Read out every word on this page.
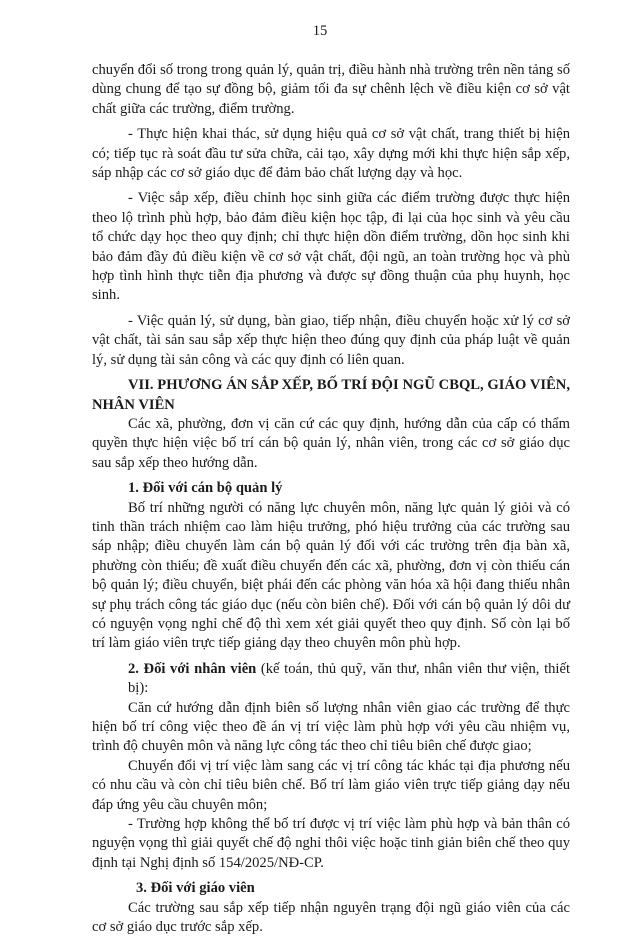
15

chuyển đổi số trong trong quản lý, quản trị, điều hành nhà trường trên nền tảng số dùng chung để tạo sự đồng bộ, giảm tối đa sự chênh lệch về điều kiện cơ sở vật chất giữa các trường, điểm trường.

- Thực hiện khai thác, sử dụng hiệu quả cơ sở vật chất, trang thiết bị hiện có; tiếp tục rà soát đầu tư sửa chữa, cải tạo, xây dựng mới khi thực hiện sắp xếp, sáp nhập các cơ sở giáo dục để đảm bảo chất lượng dạy và học.

- Việc sắp xếp, điều chỉnh học sinh giữa các điểm trường được thực hiện theo lộ trình phù hợp, bảo đảm điều kiện học tập, đi lại của học sinh và yêu cầu tổ chức dạy học theo quy định; chỉ thực hiện dồn điểm trường, dồn học sinh khi bảo đảm đầy đủ điều kiện về cơ sở vật chất, đội ngũ, an toàn trường học và phù hợp tình hình thực tiễn địa phương và được sự đồng thuận của phụ huynh, học sinh.

- Việc quản lý, sử dụng, bàn giao, tiếp nhận, điều chuyển hoặc xử lý cơ sở vật chất, tài sản sau sắp xếp thực hiện theo đúng quy định của pháp luật về quản lý, sử dụng tài sản công và các quy định có liên quan.

VII. PHƯƠNG ÁN SẮP XẾP, BỐ TRÍ ĐỘI NGŨ CBQL, GIÁO VIÊN, NHÂN VIÊN

Các xã, phường, đơn vị căn cứ các quy định, hướng dẫn của cấp có thẩm quyền thực hiện việc bố trí cán bộ quản lý, nhân viên, trong các cơ sở giáo dục sau sắp xếp theo hướng dẫn.

1. Đối với cán bộ quản lý

Bố trí những người có năng lực chuyên môn, năng lực quản lý giỏi và có tinh thần trách nhiệm cao làm hiệu trưởng, phó hiệu trưởng của các trường sau sáp nhập; điều chuyển làm cán bộ quản lý đối với các trường trên địa bàn xã, phường còn thiếu; đề xuất điều chuyển đến các xã, phường, đơn vị còn thiếu cán bộ quản lý; điều chuyển, biệt phái đến các phòng văn hóa xã hội đang thiếu nhân sự phụ trách công tác giáo dục (nếu còn biên chế). Đối với cán bộ quản lý dôi dư có nguyện vọng nghỉ chế độ thì xem xét giải quyết theo quy định. Số còn lại bố trí làm giáo viên trực tiếp giảng dạy theo chuyên môn phù hợp.

2. Đối với nhân viên (kế toán, thủ quỹ, văn thư, nhân viên thư viện, thiết bị):

Căn cứ hướng dẫn định biên số lượng nhân viên giao các trường để thực hiện bố trí công việc theo đề án vị trí việc làm phù hợp với yêu cầu nhiệm vụ, trình độ chuyên môn và năng lực công tác theo chỉ tiêu biên chế được giao;

Chuyển đổi vị trí việc làm sang các vị trí công tác khác tại địa phương nếu có nhu cầu và còn chỉ tiêu biên chế. Bố trí làm giáo viên trực tiếp giảng dạy nếu đáp ứng yêu cầu chuyên môn;

- Trường hợp không thể bố trí được vị trí việc làm phù hợp và bản thân có nguyện vọng thì giải quyết chế độ nghỉ thôi việc hoặc tinh giản biên chế theo quy định tại Nghị định số 154/2025/NĐ-CP.

3. Đối với giáo viên

Các trường sau sắp xếp tiếp nhận nguyên trạng đội ngũ giáo viên của các cơ sở giáo dục trước sắp xếp.
